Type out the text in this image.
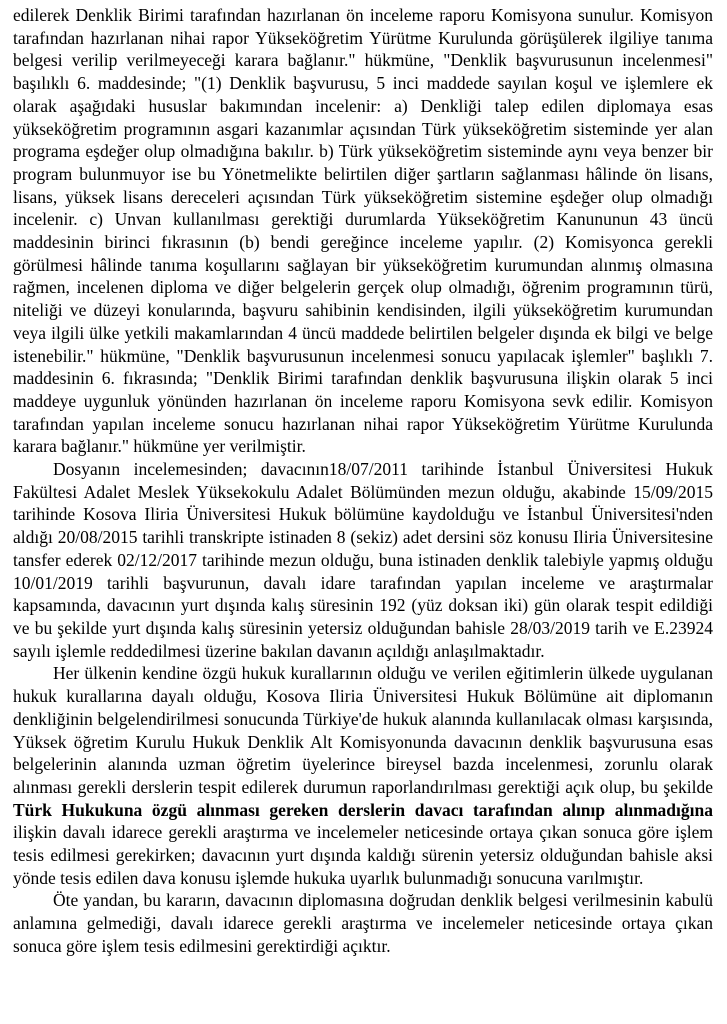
edilerek Denklik Birimi tarafından hazırlanan ön inceleme raporu Komisyona sunulur. Komisyon tarafından hazırlanan nihai rapor Yükseköğretim Yürütme Kurulunda görüşülerek ilgiliye tanıma belgesi verilip verilmeyeceği karara bağlanır." hükmüne, "Denklik başvurusunun incelenmesi" başılıklı 6. maddesinde; "(1) Denklik başvurusu, 5 inci maddede sayılan koşul ve işlemlere ek olarak aşağıdaki hususlar bakımından incelenir: a) Denkliği talep edilen diplomaya esas yükseköğretim programının asgari kazanımlar açısından Türk yükseköğretim sisteminde yer alan programa eşdeğer olup olmadığına bakılır. b) Türk yükseköğretim sisteminde aynı veya benzer bir program bulunmuyor ise bu Yönetmelikte belirtilen diğer şartların sağlanması hâlinde ön lisans, lisans, yüksek lisans dereceleri açısından Türk yükseköğretim sistemine eşdeğer olup olmadığı incelenir. c) Unvan kullanılması gerektiği durumlarda Yükseköğretim Kanununun 43 üncü maddesinin birinci fıkrasının (b) bendi gereğince inceleme yapılır. (2) Komisyonca gerekli görülmesi hâlinde tanıma koşullarını sağlayan bir yükseköğretim kurumundan alınmış olmasına rağmen, incelenen diploma ve diğer belgelerin gerçek olup olmadığı, öğrenim programının türü, niteliği ve düzeyi konularında, başvuru sahibinin kendisinden, ilgili yükseköğretim kurumundan veya ilgili ülke yetkili makamlarından 4 üncü maddede belirtilen belgeler dışında ek bilgi ve belge istenebilir." hükmüne, "Denklik başvurusunun incelenmesi sonucu yapılacak işlemler" başlıklı 7. maddesinin 6. fıkrasında; "Denklik Birimi tarafından denklik başvurusuna ilişkin olarak 5 inci maddeye uygunluk yönünden hazırlanan ön inceleme raporu Komisyona sevk edilir. Komisyon tarafından yapılan inceleme sonucu hazırlanan nihai rapor Yükseköğretim Yürütme Kurulunda karara bağlanır." hükmüne yer verilmiştir.

Dosyanın incelemesinden; davacının18/07/2011 tarihinde İstanbul Üniversitesi Hukuk Fakültesi Adalet Meslek Yüksekokulu Adalet Bölümünden mezun olduğu, akabinde 15/09/2015 tarihinde Kosova Iliria Üniversitesi Hukuk bölümüne kaydolduğu ve İstanbul Üniversitesi'nden aldığı 20/08/2015 tarihli transkripte istinaden 8 (sekiz) adet dersini söz konusu Iliria Üniversitesine tansfer ederek 02/12/2017 tarihinde mezun olduğu, buna istinaden denklik talebiyle yapmış olduğu 10/01/2019 tarihli başvurunun, davalı idare tarafından yapılan inceleme ve araştırmalar kapsamında, davacının yurt dışında kalış süresinin 192 (yüz doksan iki) gün olarak tespit edildiği ve bu şekilde yurt dışında kalış süresinin yetersiz olduğundan bahisle 28/03/2019 tarih ve E.23924 sayılı işlemle reddedilmesi üzerine bakılan davanın açıldığı anlaşılmaktadır.

Her ülkenin kendine özgü hukuk kurallarının olduğu ve verilen eğitimlerin ülkede uygulanan hukuk kurallarına dayalı olduğu, Kosova Iliria Üniversitesi Hukuk Bölümüne ait diplomanın denkliğinin belgelendirilmesi sonucunda Türkiye'de hukuk alanında kullanılacak olması karşısında, Yüksek öğretim Kurulu Hukuk Denklik Alt Komisyonunda davacının denklik başvurusuna esas belgelerinin alanında uzman öğretim üyelerince bireysel bazda incelenmesi, zorunlu olarak alınması gerekli derslerin tespit edilerek durumun raporlandırılması gerektiği açık olup, bu şekilde Türk Hukukuna özgü alınması gereken derslerin davacı tarafından alınıp alınmadığına ilişkin davalı idarece gerekli araştırma ve incelemeler neticesinde ortaya çıkan sonuca göre işlem tesis edilmesi gerekirken; davacının yurt dışında kaldığı sürenin yetersiz olduğundan bahisle aksi yönde tesis edilen dava konusu işlemde hukuka uyarlık bulunmadığı sonucuna varılmıştır.

Öte yandan, bu kararın, davacının diplomasına doğrudan denklik belgesi verilmesinin kabulü anlamına gelmediği, davalı idarece gerekli araştırma ve incelemeler neticesinde ortaya çıkan sonuca göre işlem tesis edilmesini gerektirdiği açıktır.
